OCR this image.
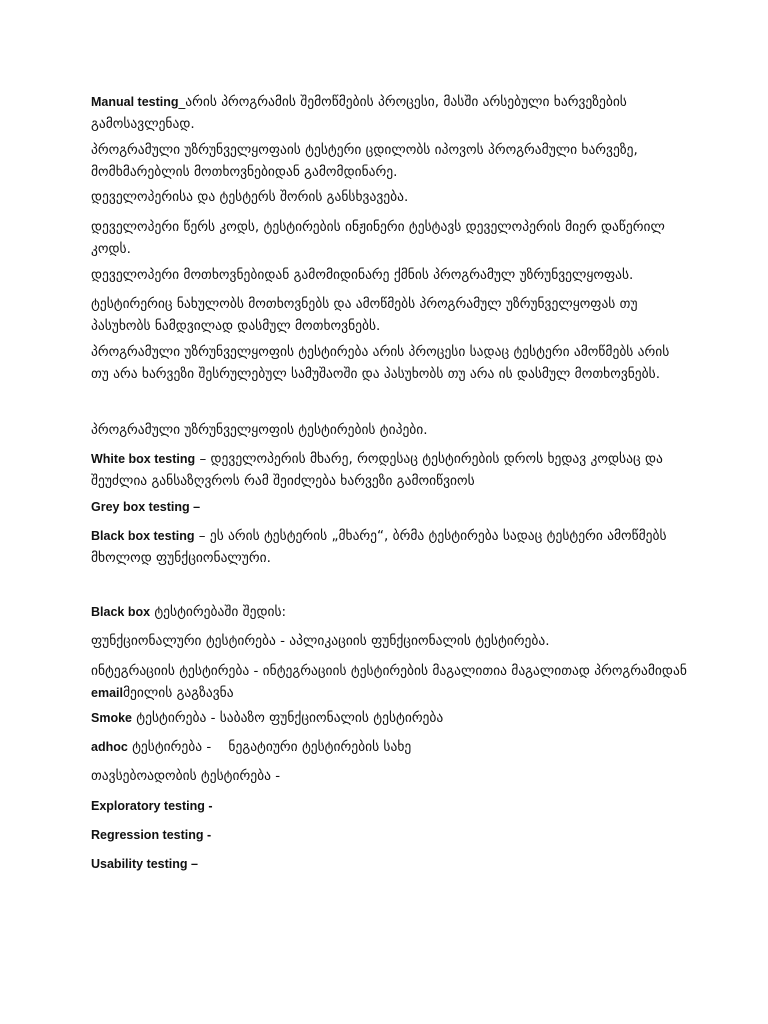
Manual testing_არის პროგრამის შემოწმების პროცესი, მასში არსებული ხარვეზების გამოსავლენად.

პროგრამული უზრუნველყოფაის ტესტერი ცდილობს იპოვოს პროგრამული ხარვეზე, მომხმარებლის მოთხოვნებიდან გამომდინარე.

დეველოპერისა და ტესტერს შორის განსხვავება.

დეველოპერი წერს კოდს, ტესტირების ინჟინერი ტესტავს დეველოპერის მიერ დაწერილ კოდს.

დეველოპერი მოთხოვნებიდან გამომიდინარე ქმნის პროგრამულ უზრუნველყოფას.

ტესტირერიც ნახულობს მოთხოვნებს და ამოწმებს პროგრამულ უზრუნველყოფას თუ პასუხობს ნამდვილად დასმულ მოთხოვნებს.

პროგრამული უზრუნველყოფის ტესტირება არის პროცესი სადაც ტესტერი ამოწმებს არის თუ არა ხარვეზი შესრულებულ სამუშაოში და პასუხობს თუ არა ის დასმულ მოთხოვნებს.

პროგრამული უზრუნველყოფის ტესტირების ტიპები.

White box testing – დეველოპერის მხარე, როდესაც ტესტირების დროს ხედავ კოდსაც და შეუძლია განსაზღვროს რამ შეიძლება ხარვეზი გამოიწვიოს

Grey box testing –

Black box testing – ეს არის ტესტერის „მხარე“, ბრმა ტესტირება სადაც ტესტერი ამოწმებს მხოლოდ ფუნქციონალური.

Black box ტესტირებაში შედის:

ფუნქციონალური ტესტირება - აპლიკაციის ფუნქციონალის ტესტირება.

ინტეგრაციის ტესტირება - ინტეგრაციის ტესტირების მაგალითია მაგალითად პროგრამიდან emailმეილის გაგზავნა

Smoke ტესტირება - საბაზო ფუნქციონალის ტესტირება

adhoc ტესტირება -    ნეგატიური ტესტირების სახე

თავსებოადობის ტესტირება -

Exploratory testing -

Regression testing -

Usability testing –
